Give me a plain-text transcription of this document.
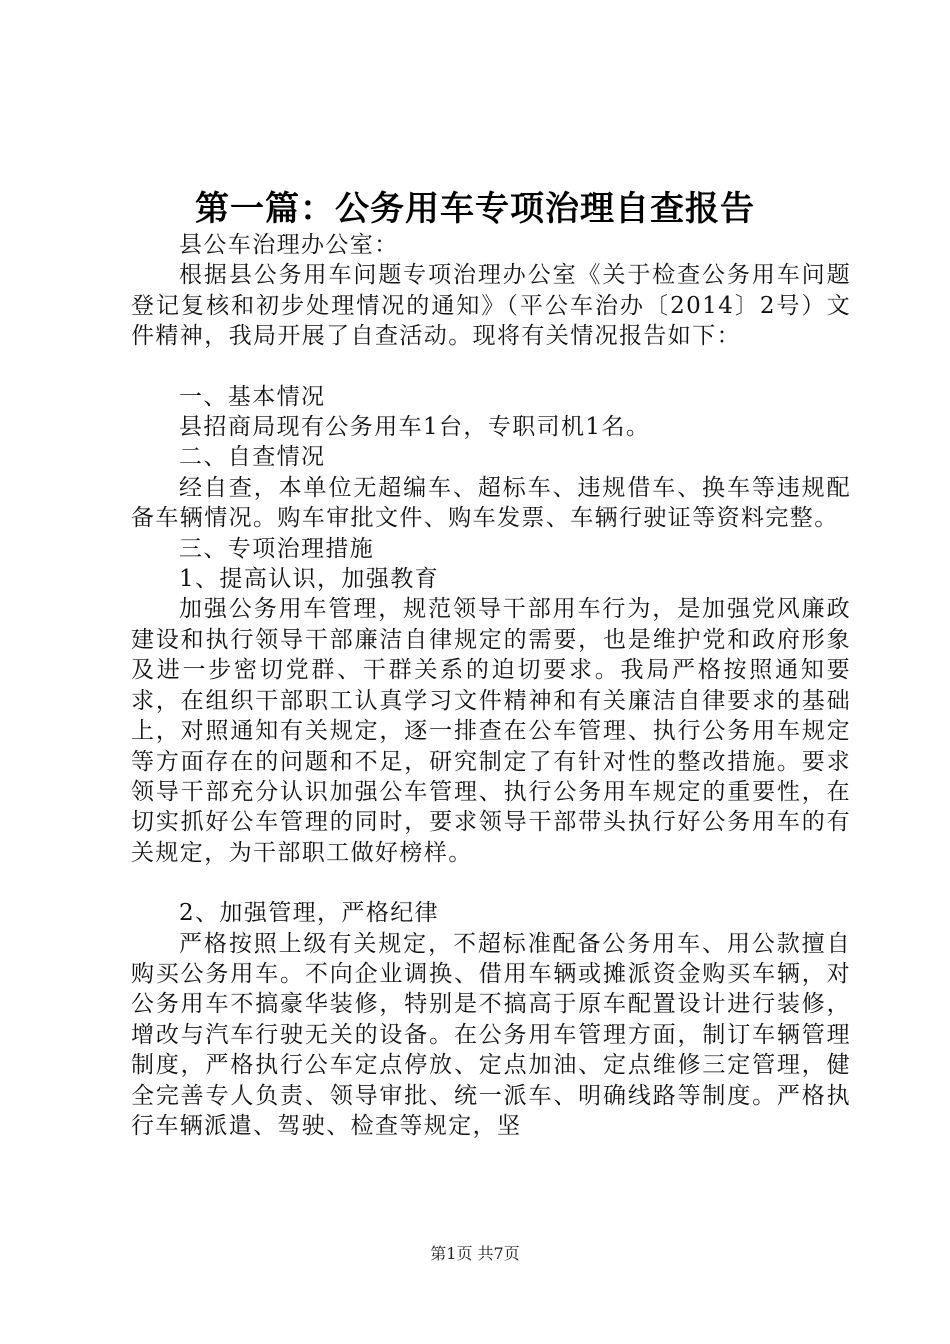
第一篇：公务用车专项治理自查报告

县公车治理办公室：

根据县公务用车问题专项治理办公室《关于检查公务用车问题登记复核和初步处理情况的通知》（平公车治办〔2014〕2号）文件精神，我局开展了自查活动。现将有关情况报告如下：

一、基本情况

县招商局现有公务用车1台，专职司机1名。

二、自查情况

经自查，本单位无超编车、超标车、违规借车、换车等违规配备车辆情况。购车审批文件、购车发票、车辆行驶证等资料完整。

三、专项治理措施

1、提高认识，加强教育

加强公务用车管理，规范领导干部用车行为，是加强党风廉政建设和执行领导干部廉洁自律规定的需要，也是维护党和政府形象及进一步密切党群、干群关系的迫切要求。我局严格按照通知要求，在组织干部职工认真学习文件精神和有关廉洁自律要求的基础上，对照通知有关规定，逐一排查在公车管理、执行公务用车规定等方面存在的问题和不足，研究制定了有针对性的整改措施。要求领导干部充分认识加强公车管理、执行公务用车规定的重要性，在切实抓好公车管理的同时，要求领导干部带头执行好公务用车的有关规定，为干部职工做好榜样。

2、加强管理，严格纪律

严格按照上级有关规定，不超标准配备公务用车、用公款擅自购买公务用车。不向企业调换、借用车辆或摊派资金购买车辆，对公务用车不搞豪华装修，特别是不搞高于原车配置设计进行装修，增改与汽车行驶无关的设备。在公务用车管理方面，制订车辆管理制度，严格执行公车定点停放、定点加油、定点维修三定管理，健全完善专人负责、领导审批、统一派车、明确线路等制度。严格执行车辆派遣、驾驶、检查等规定，坚

第1页 共7页
